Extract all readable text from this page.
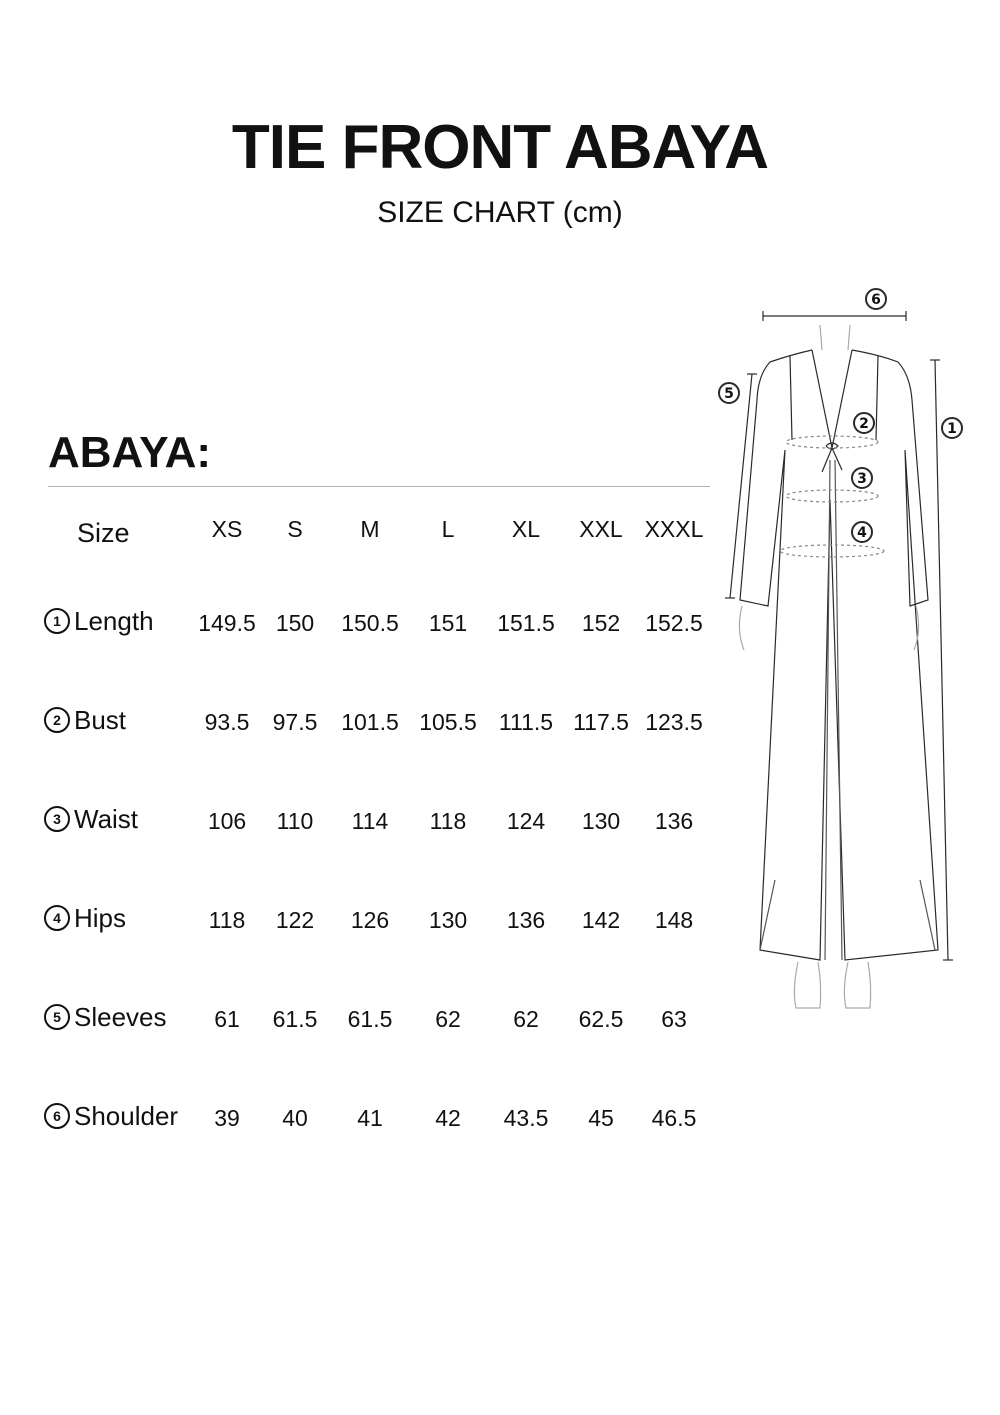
TIE FRONT ABAYA
SIZE CHART (cm)
ABAYA:
Size	XS	S	M	L	XL	XXL XXXL
1 Length	149.5 150	150.5	151	151.5	152	152.5
2 Bust	93.5	97.5	101.5 105.5 111.5 117.5 123.5
3 Waist	106	110	114	118	124	130	136
4 Hips	118	122	126	130	136	142	148
5 Sleeves	61	61.5	61.5	62	62	62.5	63
6 Shoulder	39	40	41	42	43.5	45	46.5
6
5
2
3
4
1
